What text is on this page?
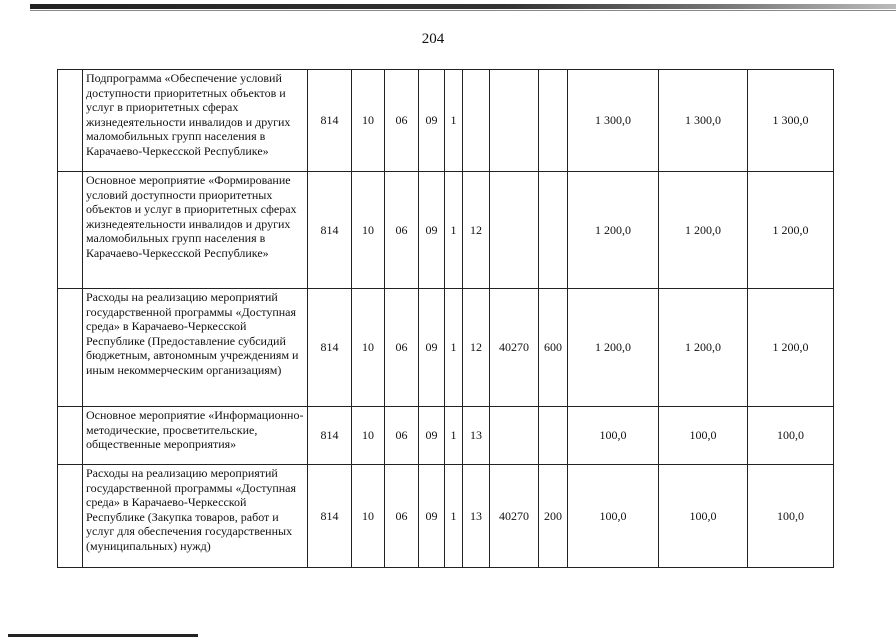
204
	Подпрограмма «Обеспечение условий доступности приоритетных объектов и услуг в приоритетных сферах жизнедеятельности инвалидов и других маломобильных групп населения в Карачаево-Черкесской Республике»	814	10	06	09	1				1 300,0	1 300,0	1 300,0
	Основное мероприятие «Формирование условий доступности приоритетных объектов и услуг в приоритетных сферах жизнедеятельности инвалидов и других маломобильных групп населения в Карачаево-Черкесской Республике»	814	10	06	09	1	12			1 200,0	1 200,0	1 200,0
	Расходы на реализацию мероприятий государственной программы «Доступная среда» в Карачаево-Черкесской Республике (Предоставление субсидий бюджетным, автономным учреждениям и иным некоммерческим организациям)	814	10	06	09	1	12	40270	600	1 200,0	1 200,0	1 200,0
	Основное мероприятие «Информационно-методические, просветительские, общественные мероприятия»	814	10	06	09	1	13			100,0	100,0	100,0
	Расходы на реализацию мероприятий государственной программы «Доступная среда» в Карачаево-Черкесской Республике (Закупка товаров, работ и услуг для обеспечения государственных (муниципальных) нужд)	814	10	06	09	1	13	40270	200	100,0	100,0	100,0
